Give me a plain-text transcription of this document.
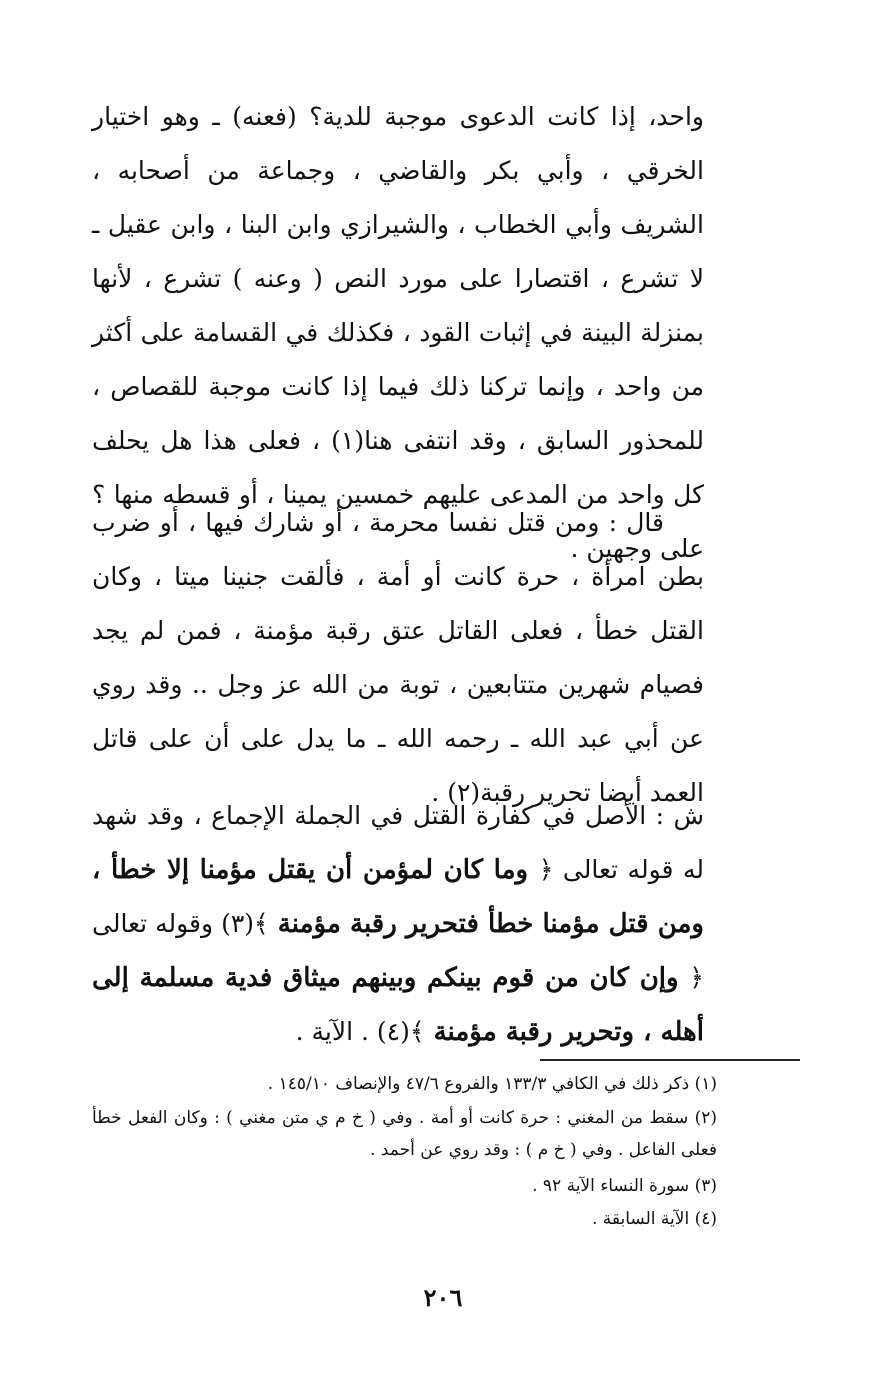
واحد، إذا كانت الدعوى موجبة للدية؟ (فعنه) ـ وهو اختيار الخرقي ، وأبي بكر والقاضي ، وجماعة من أصحابه ، الشريف وأبي الخطاب ، والشيرازي وابن البنا ، وابن عقيل ـ لا تشرع ، اقتصارا على مورد النص ( وعنه ) تشرع ، لأنها بمنزلة البينة في إثبات القود ، فكذلك في القسامة على أكثر من واحد ، وإنما تركنا ذلك فيما إذا كانت موجبة للقصاص ، للمحذور السابق ، وقد انتفى هنا(١) ، فعلى هذا هل يحلف كل واحد من المدعى عليهم خمسين يمينا ، أو قسطه منها ؟ على وجهين .

قال : ومن قتل نفسا محرمة ، أو شارك فيها ، أو ضرب بطن امرأة ، حرة كانت أو أمة ، فألقت جنينا ميتا ، وكان القتل خطأ ، فعلى القاتل عتق رقبة مؤمنة ، فمن لم يجد فصيام شهرين متتابعين ، توبة من الله عز وجل .. وقد روي عن أبي عبد الله ـ رحمه الله ـ ما يدل على أن على قاتل العمد أيضا تحرير رقبة(٢) .

ش : الأصل في كفارة القتل في الجملة الإجماع ، وقد شهد له قوله تعالى ﴿ وما كان لمؤمن أن يقتل مؤمنا إلا خطأ ، ومن قتل مؤمنا خطأ فتحرير رقبة مؤمنة ﴾(٣) وقوله تعالى ﴿ وإن كان من قوم بينكم وبينهم ميثاق فدية مسلمة إلى أهله ، وتحرير رقبة مؤمنة ﴾(٤) . الآية .

(١) ذكر ذلك في الكافي ١٣٣/٣ والفروع ٤٧/٦ والإنصاف ١٤٥/١٠ .

(٢) سقط من المغني : حرة كانت أو أمة . وفي ( خ م ي متن مغني ) : وكان الفعل خطأ فعلى الفاعل . وفي ( خ م ) : وقد روي عن أحمد .

(٣) سورة النساء الآية ٩٢ .

(٤) الآية السابقة .

٢٠٦
